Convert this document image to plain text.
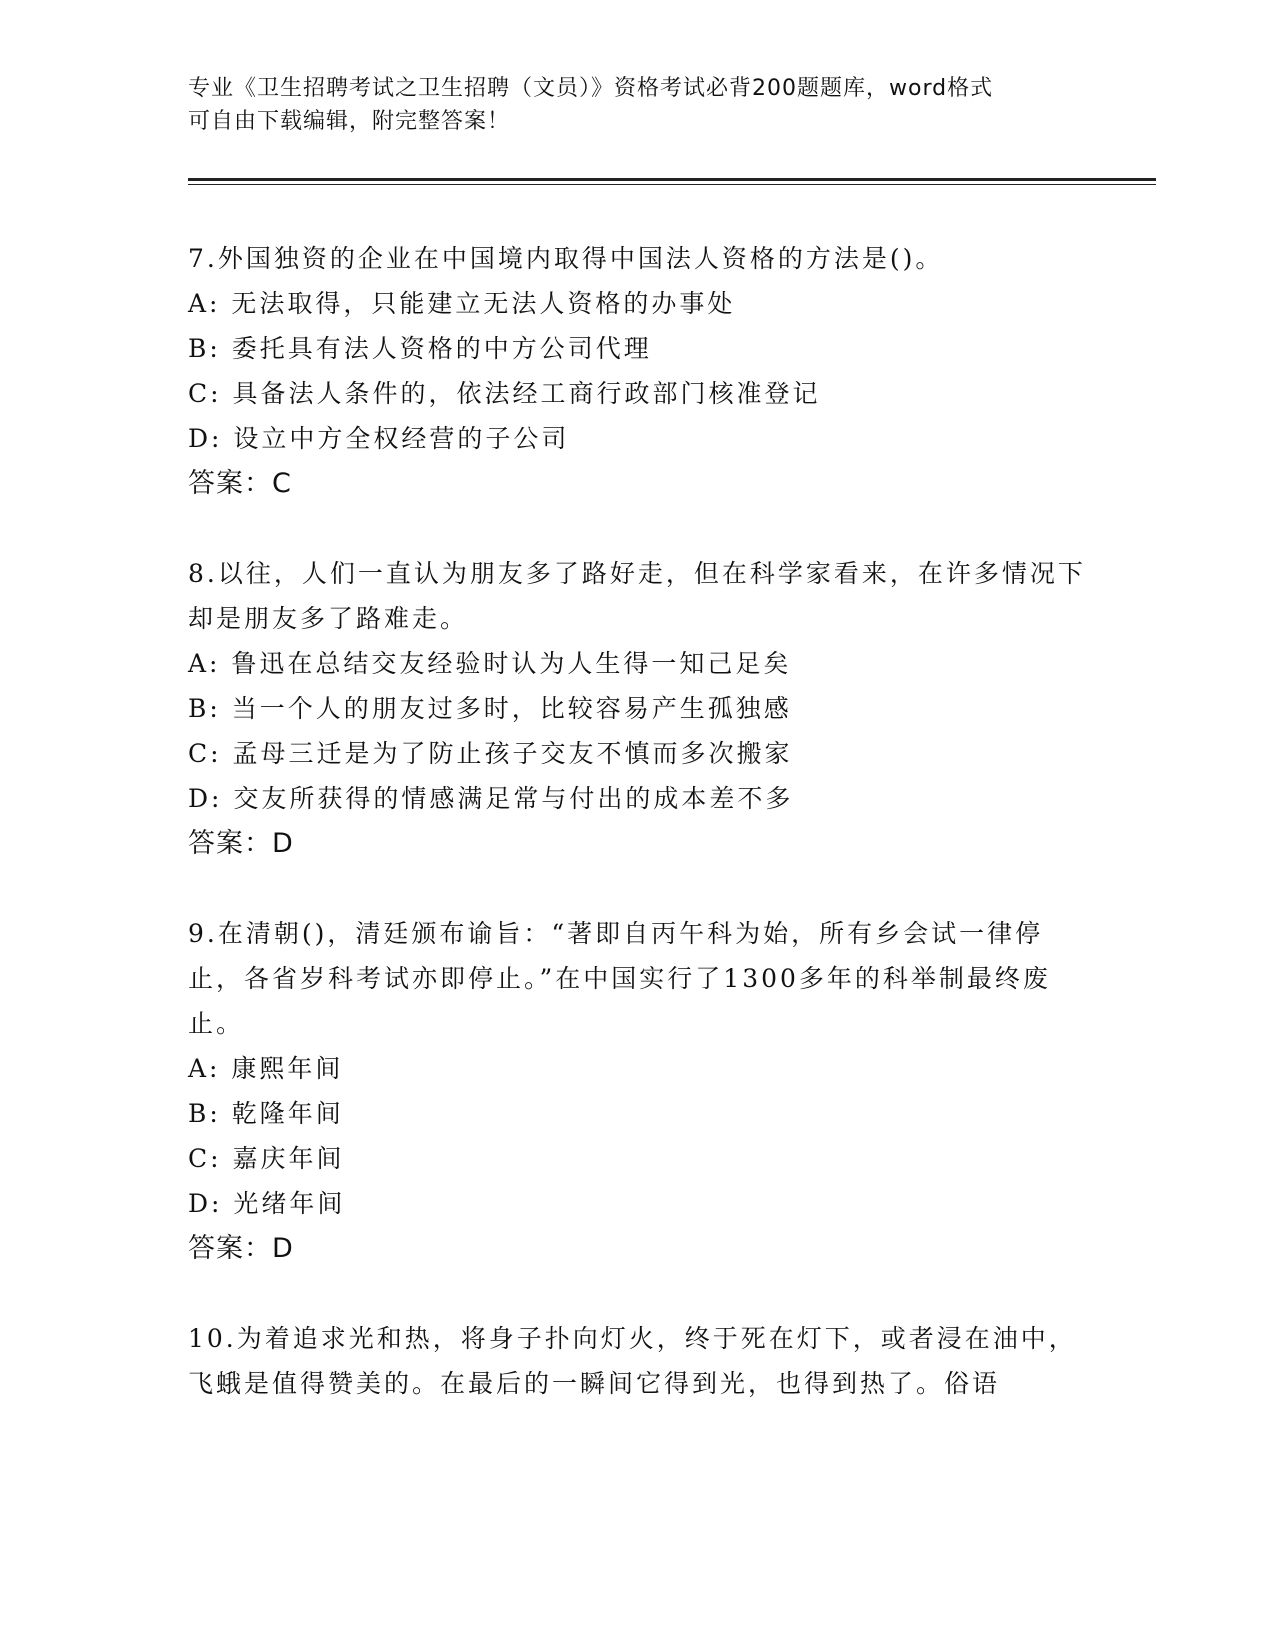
专业《卫生招聘考试之卫生招聘（文员）》资格考试必背200题题库，word格式
可自由下载编辑，附完整答案！
7.外国独资的企业在中国境内取得中国法人资格的方法是()。
A: 无法取得，只能建立无法人资格的办事处
B: 委托具有法人资格的中方公司代理
C: 具备法人条件的，依法经工商行政部门核准登记
D: 设立中方全权经营的子公司
答案：C
8.以往，人们一直认为朋友多了路好走，但在科学家看来，在许多情况下却是朋友多了路难走。
A: 鲁迅在总结交友经验时认为人生得一知己足矣
B: 当一个人的朋友过多时，比较容易产生孤独感
C: 孟母三迁是为了防止孩子交友不慎而多次搬家
D: 交友所获得的情感满足常与付出的成本差不多
答案：D
9.在清朝()，清廷颁布谕旨：“著即自丙午科为始，所有乡会试一律停止，各省岁科考试亦即停止。”在中国实行了1300多年的科举制最终废止。
A: 康熙年间
B: 乾隆年间
C: 嘉庆年间
D: 光绪年间
答案：D
10.为着追求光和热，将身子扑向灯火，终于死在灯下，或者浸在油中，飞蛾是值得赞美的。在最后的一瞬间它得到光，也得到热了。俗语
